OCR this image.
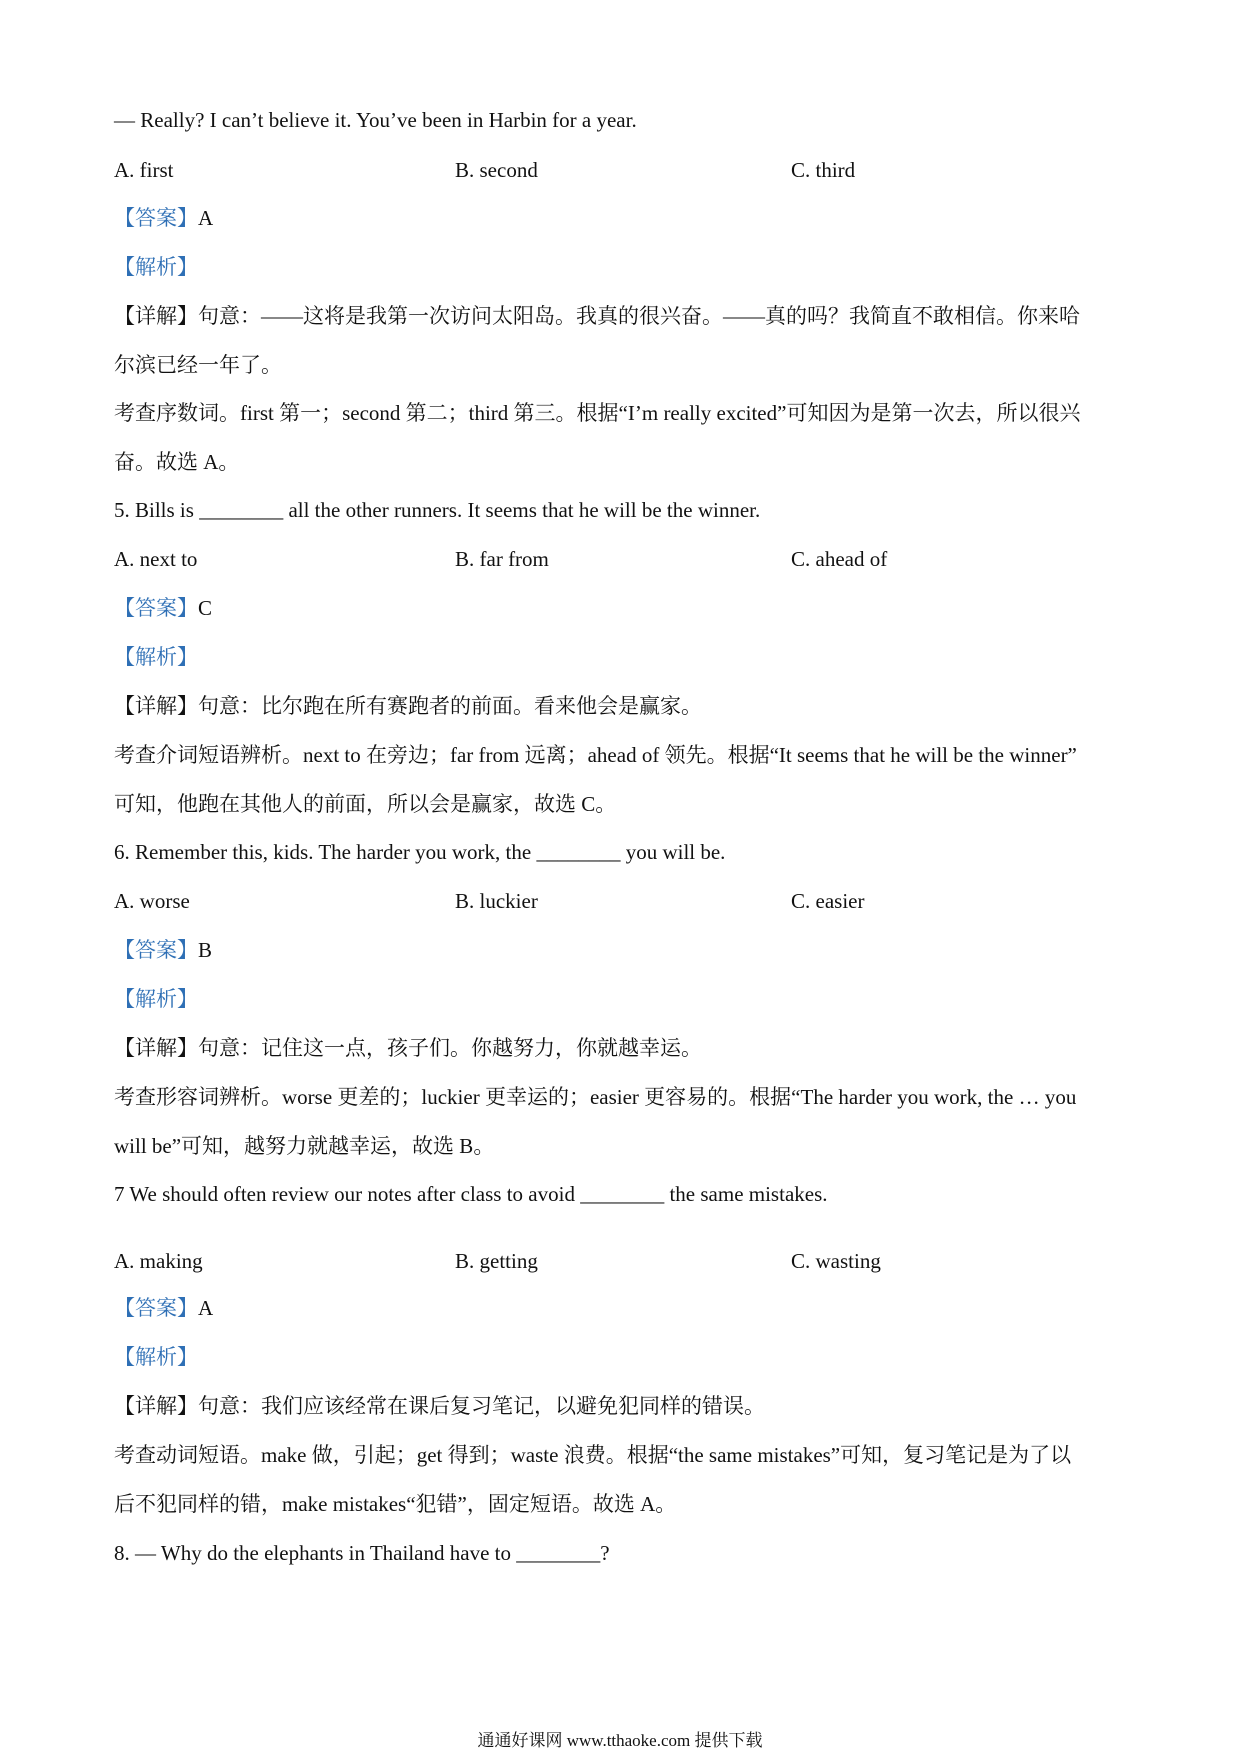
— Really? I can’t believe it. You’ve been in Harbin for a year.
A. first	B. second	C. third
【答案】A
【解析】
【详解】句意：——这将是我第一次访问太阳岛。我真的很兴奋。——真的吗？我简直不敢相信。你来哈
尔滨已经一年了。
考查序数词。first 第一；second 第二；third 第三。根据“I’m really excited”可知因为是第一次去，所以很兴
奋。故选 A。
5. Bills is ________ all the other runners. It seems that he will be the winner.
A. next to	B. far from	C. ahead of
【答案】C
【解析】
【详解】句意：比尔跑在所有赛跑者的前面。看来他会是赢家。
考查介词短语辨析。next to 在旁边；far from 远离；ahead of 领先。根据“It seems that he will be the winner”
可知，他跑在其他人的前面，所以会是赢家，故选 C。
6. Remember this, kids. The harder you work, the ________ you will be.
A. worse	B. luckier	C. easier
【答案】B
【解析】
【详解】句意：记住这一点，孩子们。你越努力，你就越幸运。
考查形容词辨析。worse 更差的；luckier 更幸运的；easier 更容易的。根据“The harder you work, the … you
will be”可知，越努力就越幸运，故选 B。
7 We should often review our notes after class to avoid ________ the same mistakes.
A. making	B. getting	C. wasting
【答案】A
【解析】
【详解】句意：我们应该经常在课后复习笔记，以避免犯同样的错误。
考查动词短语。make 做，引起；get 得到；waste 浪费。根据“the same mistakes”可知，复习笔记是为了以
后不犯同样的错，make mistakes“犯错”，固定短语。故选 A。
8. — Why do the elephants in Thailand have to ________?
通通好课网 www.tthaoke.com 提供下载
